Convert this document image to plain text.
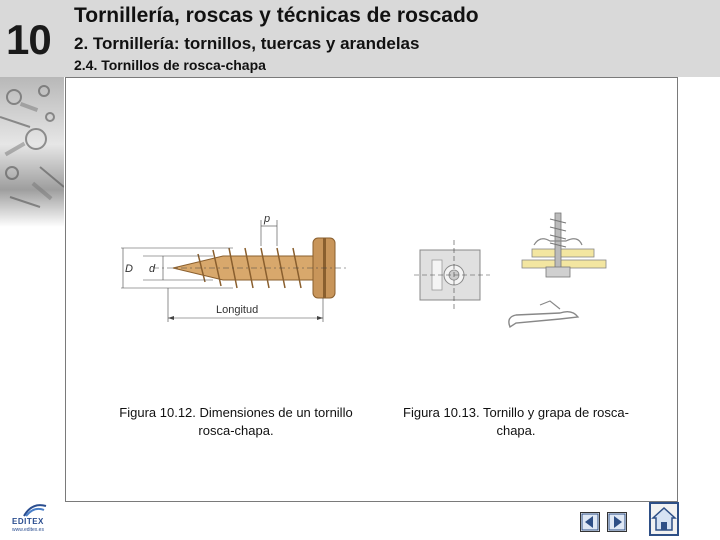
10
Tornillería, roscas y técnicas de roscado
2. Tornillería: tornillos, tuercas y arandelas
2.4. Tornillos de rosca-chapa
p
D d
Longitud
Figura 10.12. Dimensiones de un tornillo rosca-chapa.
Figura 10.13. Tornillo y grapa de rosca-chapa.
EDITEX
www.editex.es
